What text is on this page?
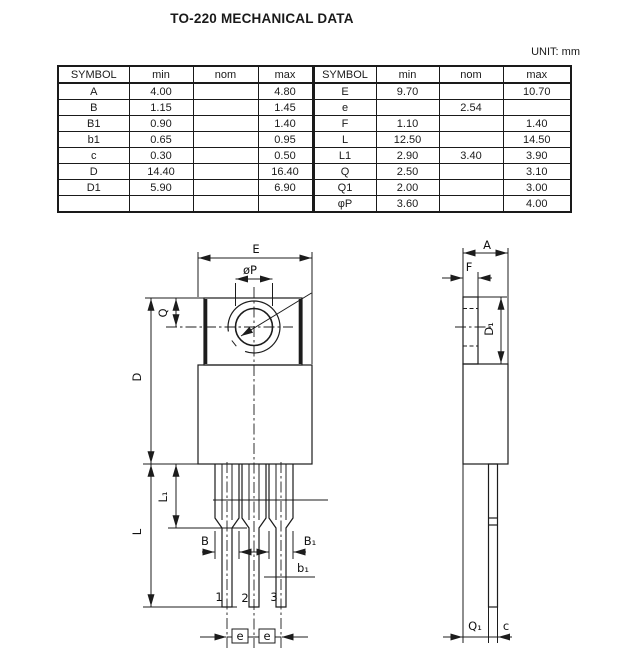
TO-220 MECHANICAL DATA
UNIT: mm
SYMBOL	min	nom	max	SYMBOL	min	nom	max
A	4.00		4.80	E	9.70		10.70
B	1.15		1.45	e		2.54	
B1	0.90		1.40	F	1.10		1.40
b1	0.65		0.95	L	12.50		14.50
c	0.30		0.50	L1	2.90	3.40	3.90
D	14.40		16.40	Q	2.50		3.10
D1	5.90		6.90	Q1	2.00		3.00
				φP	3.60		4.00
E
øP
Q
D
L
L₁
B	B₁
b₁
1 2 3
e e
A
F
D₁
Q₁ c
